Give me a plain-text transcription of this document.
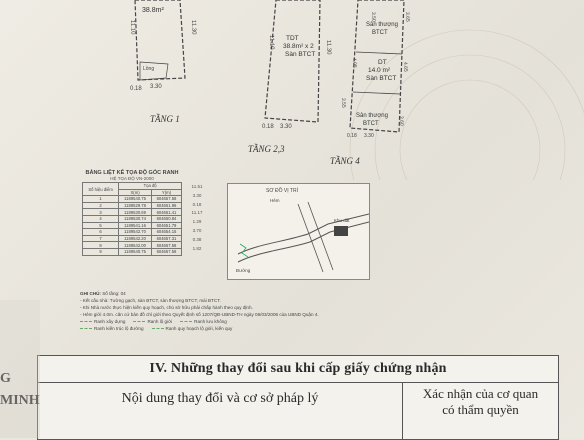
38.8m²
Lồng
11.10	11.30
3.30
0.18
TẦNG 1
TDT
38.8m² x 2
Sàn BTCT
11.10	11.30
0.18 3.30
TẦNG 2,3
Sân thượng
BTCT
DT
14.0 m²
Sàn BTCT
Sân thượng
BTCT
3.50	3.65
4.05	4.65
3.55
3.60
0.18 3.30
TẦNG 4
BẢNG LIỆT KÊ TỌA ĐỘ GÓC RANH
HỆ TỌA ĐỘ VN-2000
Số hiệu điểm	Tọa độ	
	X(m)	Y(m)
1	1189540.75	604657.58
2	1189529.78	604651.96
3	1189530.69	604651.41
4	1189530.74	604650.84
5	1189541.16	604651.79
6	1189542.70	604654.15
7	1189542.20	604657.31
8	1189542.00	604657.58
9	1189540.75	604657.58
11.51
3.30
0.18
11.17
1.29
3.70
0.38
1.82
SƠ ĐỒ VỊ TRÍ
Hẻm
Khu đất
Đường
GHI CHÚ: Số tầng: 04
- Kết cấu nhà: Tường gạch, sàn BTCT, sàn thượng BTCT, mái BTCT.
- Khi Nhà nước thực hiện kiến quy hoạch, chủ sở hữu phải chấp hành theo quy định.
- Hẻm giới 4.0m. căn cứ bản đồ chỉ giới theo Quyết định số 1207/QĐ-UBND-TH ngày 06/03/2006 của UBND Quận 4.
Ranh xây dựng	Ranh lộ giới	Ranh lưu không
Ranh kiến trúc lộ đường	Ranh quy hoạch lộ giới, kiến quy
IV. Những thay đổi sau khi cấp giấy chứng nhận
Nội dung thay đổi và cơ sở pháp lý	Xác nhận của cơ quan
có thẩm quyền
G
MINH
